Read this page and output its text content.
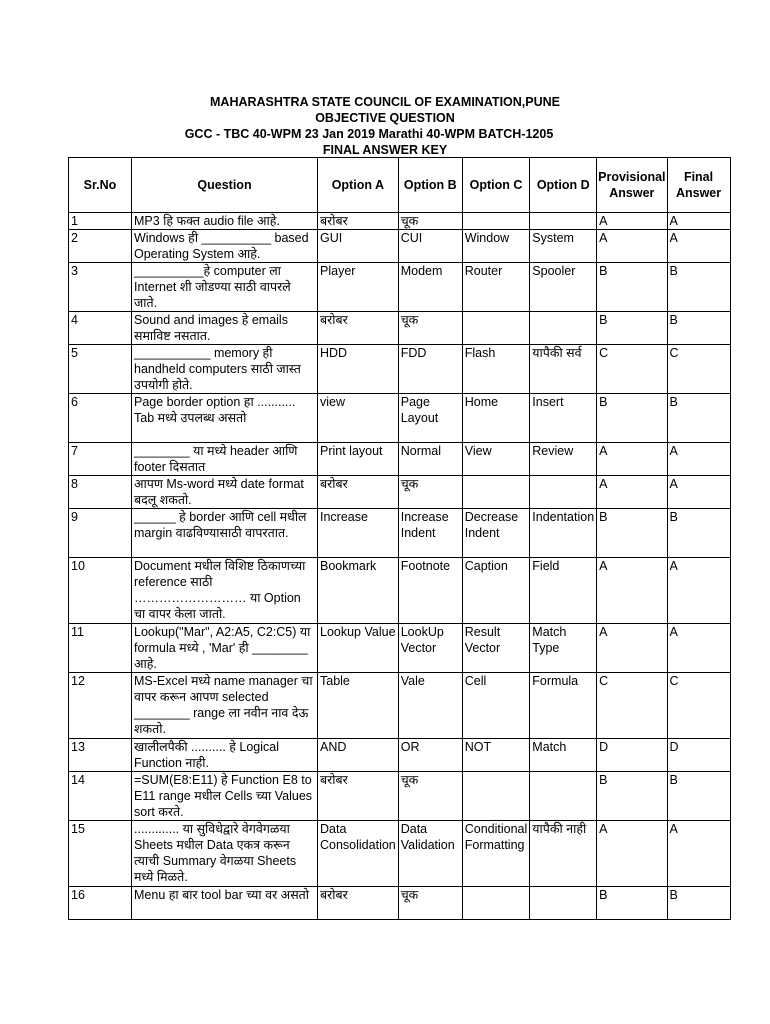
MAHARASHTRA STATE COUNCIL OF EXAMINATION,PUNE
OBJECTIVE QUESTION
GCC - TBC 40-WPM 23 Jan 2019 Marathi 40-WPM BATCH-1205
FINAL ANSWER KEY
Sr.No	Question	Option A	Option B	Option C	Option D	Provisional Answer	Final Answer
1	MP3 हि फक्त audio file आहे.	बरोबर	चूक			A	A
2	Windows ही __________ based Operating System आहे.	GUI	CUI	Window	System	A	A
3	__________हे computer ला Internet शी जोडण्या साठी वापरले जाते.	Player	Modem	Router	Spooler	B	B
4	Sound and images हे emails समाविष्ट नसतात.	बरोबर	चूक			B	B
5	___________ memory ही handheld computers साठी जास्त उपयोगी होते.	HDD	FDD	Flash	यापैकी सर्व	C	C
6	Page border option हा ........... Tab मध्ये उपलब्ध असतो	view	Page Layout	Home	Insert	B	B
7	________ या मध्ये header आणि footer दिसतात	Print layout	Normal	View	Review	A	A
8	आपण Ms-word मध्ये date format बदलू शकतो.	बरोबर	चूक			A	A
9	______ हे border आणि cell मधील margin वाढविण्यासाठी वापरतात.	Increase	Increase Indent	Decrease Indent	Indentation	B	B
10	Document मधील विशिष्ट ठिकाणच्या reference साठी ……………………… या Option चा वापर केला जातो.	Bookmark	Footnote	Caption	Field	A	A
11	Lookup("Mar", A2:A5, C2:C5) या formula मध्ये , 'Mar' ही ________ आहे.	Lookup Value	LookUp Vector	Result Vector	Match Type	A	A
12	MS-Excel मध्ये name manager चा वापर करून आपण selected ________ range ला नवीन नाव देऊ शकतो.	Table	Vale	Cell	Formula	C	C
13	खालीलपैकी .......... हे Logical Function नाही.	AND	OR	NOT	Match	D	D
14	=SUM(E8:E11) हे Function E8 to E11 range मधील Cells च्या Values sort करते.	बरोबर	चूक			B	B
15	............. या सुविधेद्वारे वेगवेगळया Sheets मधील Data एकत्र करून त्याची Summary वेगळया Sheets मध्ये मिळते.	Data Consolidation	Data Validation	Conditional Formatting	यापैकी नाही	A	A
16	Menu हा बार tool bar च्या वर असतो	बरोबर	चूक			B	B
